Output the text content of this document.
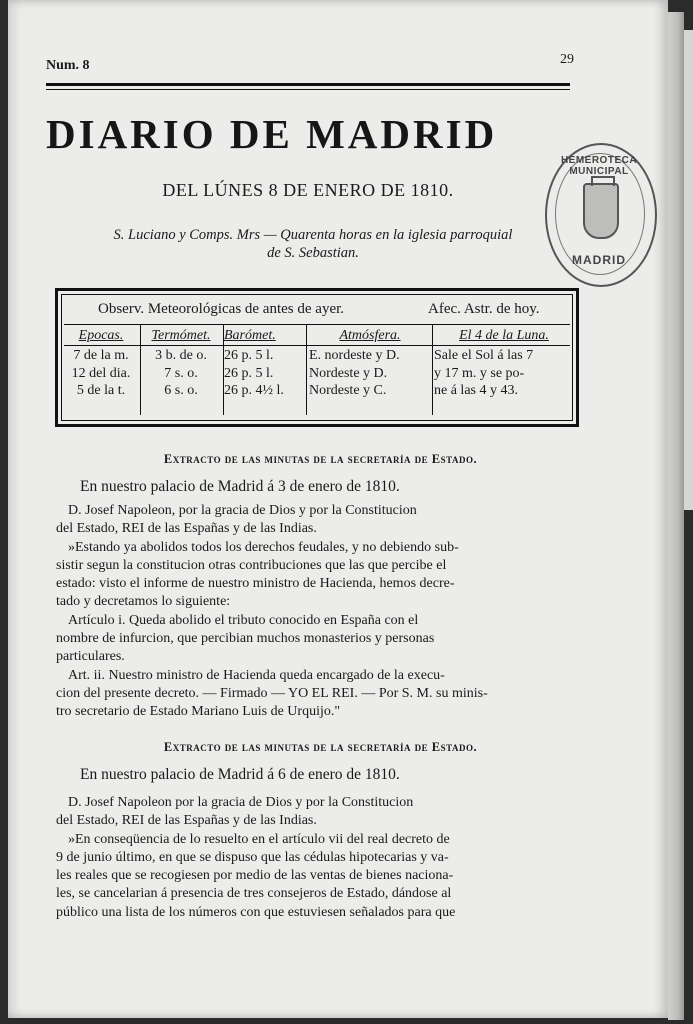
Num. 8	29
DIARIO DE MADRID
DEL LÚNES 8 DE ENERO DE 1810.
S. Luciano y Comps. Mrs — Quarenta horas en la iglesia parroquial
de S. Sebastian.
HEMEROTECA MUNICIPAL
MADRID
Observ. Meteorológicas de antes de ayer.	Afec. Astr. de hoy.
Epocas.
7 de la m.
12 del dia.
5 de la t.
Termómet.
3 b. de o.
7 s. o.
6 s. o.
Barómet.
26 p. 5 l.
26 p. 5 l.
26 p. 4½ l.
Atmósfera.
E. nordeste y D.
Nordeste y D.
Nordeste y C.
El 4 de la Luna.
Sale el Sol á las 7
y 17 m. y se po-
ne á las 4 y 43.
Extracto de las minutas de la secretaría de Estado.
En nuestro palacio de Madrid á 3 de enero de 1810.
D. Josef Napoleon, por la gracia de Dios y por la Constitucion
del Estado, REI de las Españas y de las Indias.
»Estando ya abolidos todos los derechos feudales, y no debiendo sub-
sistir segun la constitucion otras contribuciones que las que percibe el
estado: visto el informe de nuestro ministro de Hacienda, hemos decre-
tado y decretamos lo siguiente:
Artículo i. Queda abolido el tributo conocido en España con el
nombre de infurcion, que percibian muchos monasterios y personas
particulares.
Art. ii. Nuestro ministro de Hacienda queda encargado de la execu-
cion del presente decreto. — Firmado — YO EL REI. — Por S. M. su minis-
tro secretario de Estado Mariano Luis de Urquijo."
Extracto de las minutas de la secretaría de Estado.
En nuestro palacio de Madrid á 6 de enero de 1810.
D. Josef Napoleon por la gracia de Dios y por la Constitucion
del Estado, REI de las Españas y de las Indias.
»En conseqüencia de lo resuelto en el artículo vii del real decreto de
9 de junio último, en que se dispuso que las cédulas hipotecarias y va-
les reales que se recogiesen por medio de las ventas de bienes naciona-
les, se cancelarian á presencia de tres consejeros de Estado, dándose al
público una lista de los números con que estuviesen señalados para que
